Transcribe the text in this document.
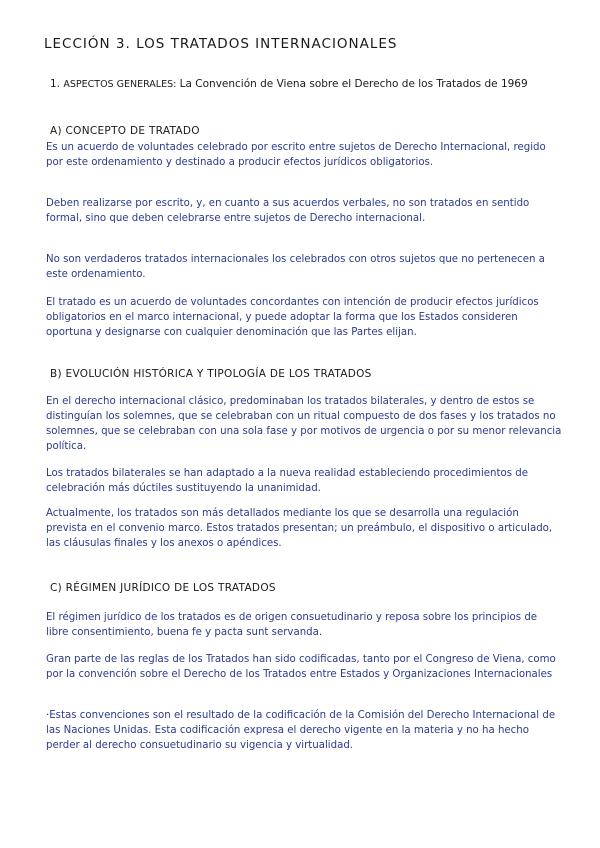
LECCIÓN 3. LOS TRATADOS INTERNACIONALES
1. ASPECTOS GENERALES: La Convención de Viena sobre el Derecho de los Tratados de 1969
A) CONCEPTO DE TRATADO
Es un acuerdo de voluntades celebrado por escrito entre sujetos de Derecho Internacional, regido por este ordenamiento y destinado a producir efectos jurídicos obligatorios.
Deben realizarse por escrito, y, en cuanto a sus acuerdos verbales, no son tratados en sentido formal, sino que deben celebrarse entre sujetos de Derecho internacional.
No son verdaderos tratados internacionales los celebrados con otros sujetos que no pertenecen a este ordenamiento.
El tratado es un acuerdo de voluntades concordantes con intención de producir efectos jurídicos obligatorios en el marco internacional, y puede adoptar la forma que los Estados consideren oportuna y designarse con cualquier denominación que las Partes elijan.
B) EVOLUCIÓN HISTÓRICA Y TIPOLOGÍA DE LOS TRATADOS
En el derecho internacional clásico, predominaban los tratados bilaterales, y dentro de estos se distinguían los solemnes, que se celebraban con un ritual compuesto de dos fases y los tratados no solemnes, que se celebraban con una sola fase y por motivos de urgencia o por su menor relevancia política.
Los tratados bilaterales se han adaptado a la nueva realidad estableciendo procedimientos de celebración más dúctiles sustituyendo la unanimidad.
Actualmente, los tratados son más detallados mediante los que se desarrolla una regulación prevista en el convenio marco. Estos tratados presentan; un preámbulo, el dispositivo o articulado, las cláusulas finales y los anexos o apéndices.
C) RÉGIMEN JURÍDICO DE LOS TRATADOS
El régimen jurídico de los tratados es de origen consuetudinario y reposa sobre los principios de libre consentimiento, buena fe y pacta sunt servanda.
Gran parte de las reglas de los Tratados han sido codificadas, tanto por el Congreso de Viena, como por la convención sobre el Derecho de los Tratados entre Estados y Organizaciones Internacionales
·Estas convenciones son el resultado de la codificación de la Comisión del Derecho Internacional de las Naciones Unidas. Esta codificación expresa el derecho vigente en la materia y no ha hecho perder al derecho consuetudinario su vigencia y virtualidad.
